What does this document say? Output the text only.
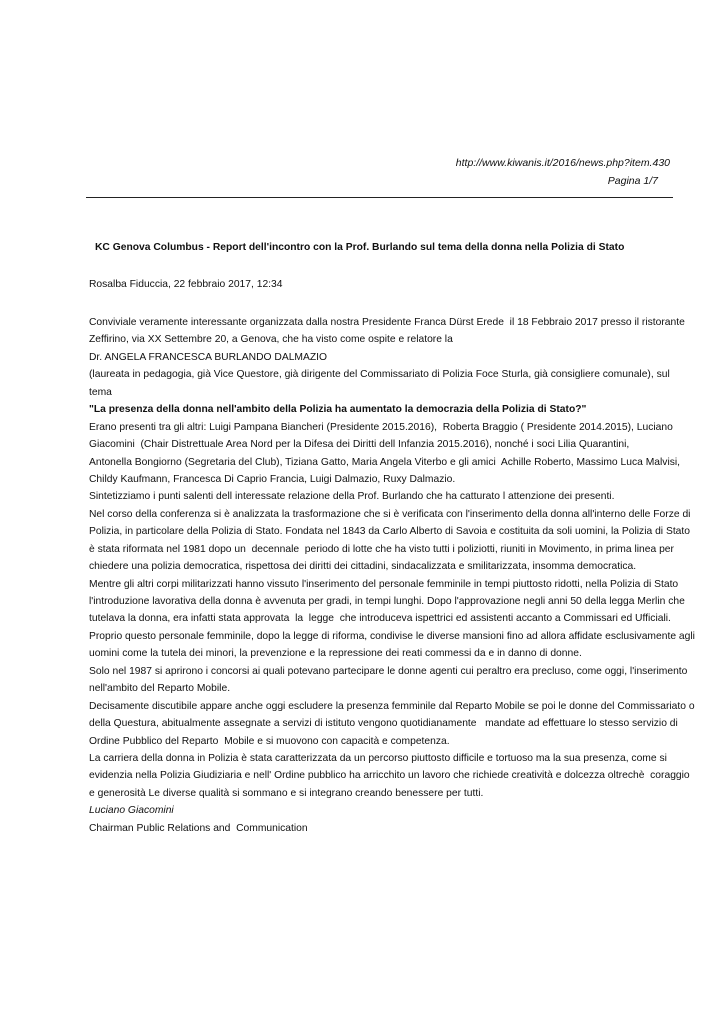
http://www.kiwanis.it/2016/news.php?item.430
Pagina 1/7
KC Genova Columbus - Report dell'incontro con la Prof. Burlando sul tema della donna nella Polizia di Stato
Rosalba Fiduccia, 22 febbraio 2017, 12:34
Conviviale veramente interessante organizzata dalla nostra Presidente Franca Dürst Erede  il 18 Febbraio 2017 presso il ristorante
Zeffirino, via XX Settembre 20, a Genova, che ha visto come ospite e relatore la
Dr. ANGELA FRANCESCA BURLANDO DALMAZIO
(laureata in pedagogia, già Vice Questore, già dirigente del Commissariato di Polizia Foce Sturla, già consigliere comunale), sul
tema
"La presenza della donna nell'ambito della Polizia ha aumentato la democrazia della Polizia di Stato?"
Erano presenti tra gli altri: Luigi Pampana Biancheri (Presidente 2015.2016),  Roberta Braggio ( Presidente 2014.2015), Luciano
Giacomini  (Chair Distrettuale Area Nord per la Difesa dei Diritti dell Infanzia 2015.2016), nonché i soci Lilia Quarantini,
Antonella Bongiorno (Segretaria del Club), Tiziana Gatto, Maria Angela Viterbo e gli amici  Achille Roberto, Massimo Luca Malvisi,
Childy Kaufmann, Francesca Di Caprio Francia, Luigi Dalmazio, Ruxy Dalmazio.
Sintetizziamo i punti salenti dell interessate relazione della Prof. Burlando che ha catturato l attenzione dei presenti.
Nel corso della conferenza si è analizzata la trasformazione che si è verificata con l'inserimento della donna all'interno delle Forze di
Polizia, in particolare della Polizia di Stato. Fondata nel 1843 da Carlo Alberto di Savoia e costituita da soli uomini, la Polizia di Stato
è stata riformata nel 1981 dopo un  decennale  periodo di lotte che ha visto tutti i poliziotti, riuniti in Movimento, in prima linea per
chiedere una polizia democratica, rispettosa dei diritti dei cittadini, sindacalizzata e smilitarizzata, insomma democratica.
Mentre gli altri corpi militarizzati hanno vissuto l'inserimento del personale femminile in tempi piuttosto ridotti, nella Polizia di Stato
l'introduzione lavorativa della donna è avvenuta per gradi, in tempi lunghi. Dopo l'approvazione negli anni 50 della legga Merlin che
tutelava la donna, era infatti stata approvata  la  legge  che introduceva ispettrici ed assistenti accanto a Commissari ed Ufficiali.
Proprio questo personale femminile, dopo la legge di riforma, condivise le diverse mansioni fino ad allora affidate esclusivamente agli
uomini come la tutela dei minori, la prevenzione e la repressione dei reati commessi da e in danno di donne.
Solo nel 1987 si aprirono i concorsi ai quali potevano partecipare le donne agenti cui peraltro era precluso, come oggi, l'inserimento
nell'ambito del Reparto Mobile.
Decisamente discutibile appare anche oggi escludere la presenza femminile dal Reparto Mobile se poi le donne del Commissariato o
della Questura, abitualmente assegnate a servizi di istituto vengono quotidianamente   mandate ad effettuare lo stesso servizio di
Ordine Pubblico del Reparto  Mobile e si muovono con capacità e competenza.
La carriera della donna in Polizia è stata caratterizzata da un percorso piuttosto difficile e tortuoso ma la sua presenza, come si
evidenzia nella Polizia Giudiziaria e nell' Ordine pubblico ha arricchito un lavoro che richiede creatività e dolcezza oltrechè  coraggio
e generosità Le diverse qualità si sommano e si integrano creando benessere per tutti.
Luciano Giacomini
Chairman Public Relations and  Communication
